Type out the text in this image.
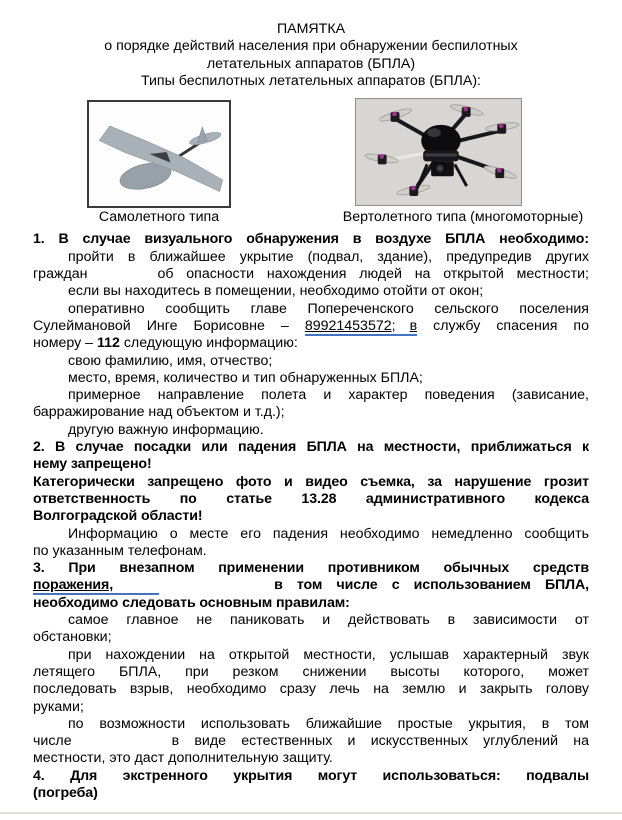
ПАМЯТКА
о порядке действий населения при обнаружении беспилотных
летательных аппаратов (БПЛА)
Типы беспилотных летательных аппаратов (БПЛА):
Самолетного типа	Вертолетного типа (многомоторные)
1. В случае визуального обнаружения в воздухе БПЛА необходимо:
пройти в ближайшее укрытие (подвал, здание), предупредив других
граждан	об опасности нахождения людей на открытой местности;
если вы находитесь в помещении, необходимо отойти от окон;
оперативно сообщить главе Попереченского сельского поселения
Сулеймановой Инге Борисовне – 89921453572; в службу спасения по
номеру – 112 следующую информацию:
свою фамилию, имя, отчество;
место, время, количество и тип обнаруженных БПЛА;
примерное направление полета и характер поведения (зависание,
барражирование над объектом и т.д.);
другую важную информацию.
2. В случае посадки или падения БПЛА на местности, приближаться к
нему запрещено!
Категорически запрещено фото и видео съемка, за нарушение грозит
ответственность по статье 13.28 административного кодекса
Волгоградской области!
Информацию о месте его падения необходимо немедленно сообщить
по указанным телефонам.
3. При внезапном применении противником обычных средств
поражения,	в том числе с использованием БПЛА,
необходимо следовать основным правилам:
самое главное не паниковать и действовать в зависимости от
обстановки;
при нахождении на открытой местности, услышав характерный звук
летящего БПЛА, при резком снижении высоты которого, может
последовать взрыв, необходимо сразу лечь на землю и закрыть голову
руками;
по возможности использовать ближайшие простые укрытия, в том
числе	в виде естественных и искусственных углублений на
местности, это даст дополнительную защиту.
4. Для экстренного укрытия могут использоваться: подвалы
(погреба)
